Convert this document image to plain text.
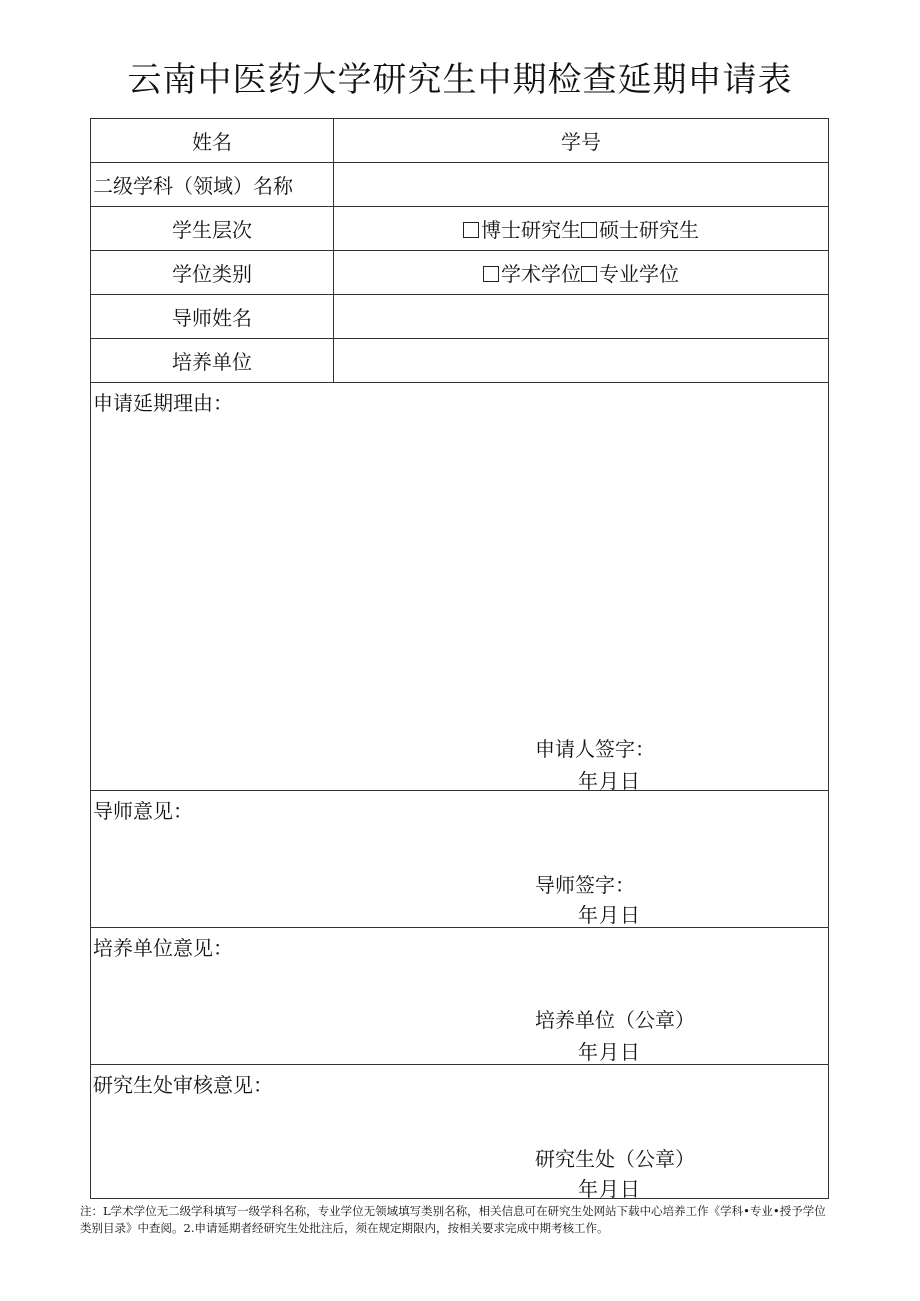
云南中医药大学研究生中期检查延期申请表
姓名	学号
二级学科（领域）名称	
学生层次	博士研究生 硕士研究生
学位类别	学术学位 专业学位
导师姓名	
培养单位	

申请延期理由：
申请人签字：
年月日	

导师意见：
导师签字：
年月日	

培养单位意见：
培养单位（公章）
年月日	

研究生处审核意见：
研究生处（公章）
年月日	
注：L学术学位无二级学科填写一级学科名称，专业学位无领域填写类别名称，相关信息可在研究生处网站下载中心培养工作《学科•专业•授予学位类别目录》中查阅。2.申请延期者经研究生处批注后，须在规定期限内，按相关要求完成中期考核工作。
